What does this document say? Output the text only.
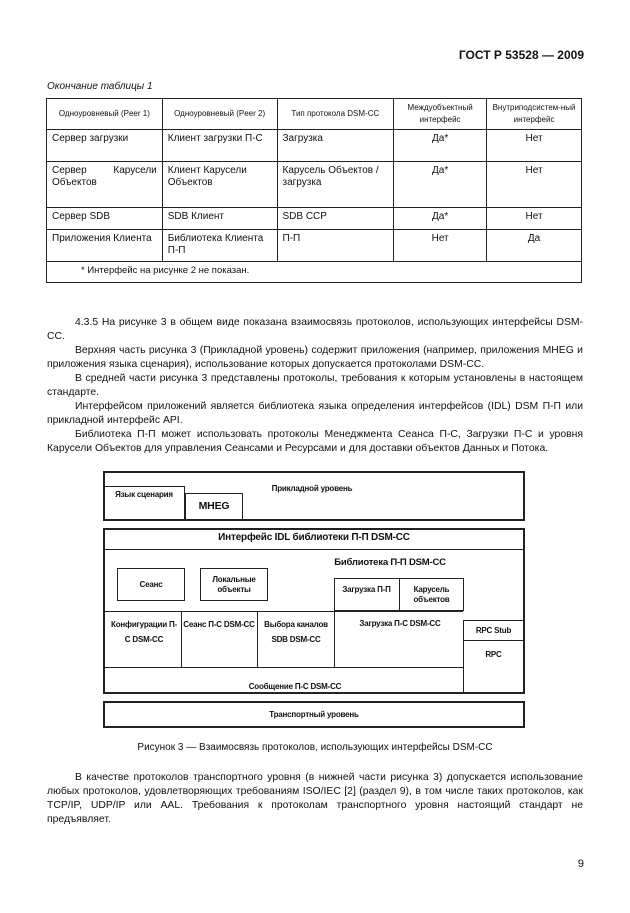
ГОСТ Р 53528 — 2009
Окончание таблицы 1
Одноуровневый (Peer 1)	Одноуровневый (Peer 2)	Тип протокола DSM-CC	Междуобъектный интерфейс	Внутриподсистем-ный интерфейс
Сервер загрузки	Клиент загрузки П-С	Загрузка	Да*	Нет
Сервер Карусели Объектов	Клиент Карусели Объектов	Карусель Объектов / загрузка	Да*	Нет
Сервер SDB	SDB Клиент	SDB CCP	Да*	Нет
Приложения Клиента	Библиотека Клиента П-П	П-П	Нет	Да
* Интерфейс на рисунке 2 не показан.				

4.3.5 На рисунке 3 в общем виде показана взаимосвязь протоколов, использующих интерфейсы DSM-CC.

Верхняя часть рисунка 3 (Прикладной уровень) содержит приложения (например, приложения MHEG и приложения языка сценария), использование которых допускается протоколами DSM-CC.

В средней части рисунка 3 представлены протоколы, требования к которым установлены в настоящем стандарте.

Интерфейсом приложений является библиотека языка определения интерфейсов (IDL) DSM П-П или прикладной интерфейс API.

Библиотека П-П может использовать протоколы Менеджмента Сеанса П-С, Загрузки П-С и уровня Карусели Объектов для управления Сеансами и Ресурсами и для доставки объектов Данных и Потока.

Прикладной уровень
Язык сценария
MHEG
Интерфейс IDL библиотеки П-П DSM-CC
Библиотека П-П DSM-CC
Сеанс
Локальные объекты	Загрузка П-П	Карусель объектов
Конфигурации П-С DSM-CC
Сеанс П-С DSM-CC	Выбора каналов SDB DSM-CC
Загрузка П-С DSM-CC
RPC Stub
RPC
Сообщение П-С DSM-CC
Транспортный уровень
Рисунок 3 — Взаимосвязь протоколов, использующих интерфейсы DSM-CC

В качестве протоколов транспортного уровня (в нижней части рисунка 3) допускается использование любых протоколов, удовлетворяющих требованиям ISO/IEC [2] (раздел 9), в том числе таких протоколов, как TCP/IP, UDP/IP или AAL. Требования к протоколам транспортного уровня настоящий стандарт не предъявляет.

9
